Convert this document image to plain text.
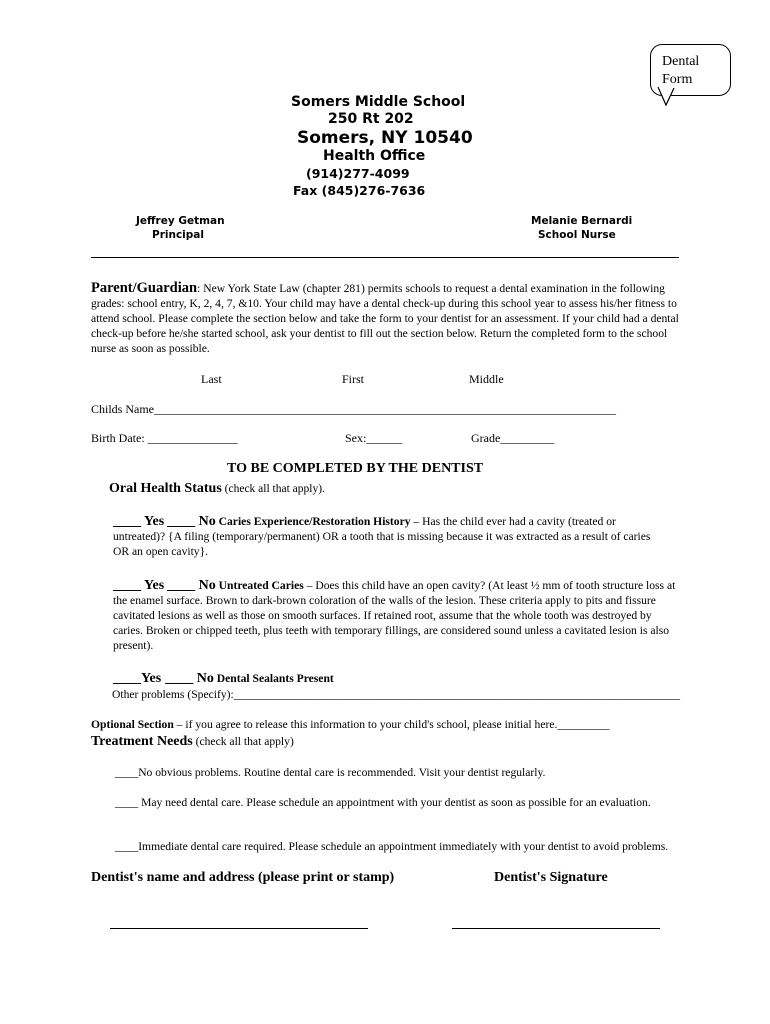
Dental Form
Somers Middle School
250 Rt 202
Somers, NY 10540
Health Office
(914)277-4099
Fax (845)276-7636
Jeffrey Getman
Principal
Melanie Bernardi
School Nurse
Parent/Guardian: New York State Law (chapter 281) permits schools to request a dental examination in the following grades: school entry, K, 2, 4, 7, &10. Your child may have a dental check-up during this school year to assess his/her fitness to attend school. Please complete the section below and take the form to your dentist for an assessment. If your child had a dental check-up before he/she started school, ask your dentist to fill out the section below. Return the completed form to the school nurse as soon as possible.
Last	First	Middle
Childs Name_____________________________________________________________________________
Birth Date: _______________	Sex:______	Grade_________
TO BE COMPLETED BY THE DENTIST
Oral Health Status (check all that apply).
____ Yes ____ No Caries Experience/Restoration History – Has the child ever had a cavity (treated or untreated)? {A filing (temporary/permanent) OR a tooth that is missing because it was extracted as a result of caries OR an open cavity}.
____ Yes ____ No Untreated Caries – Does this child have an open cavity? (At least ½ mm of tooth structure loss at the enamel surface. Brown to dark-brown coloration of the walls of the lesion. These criteria apply to pits and fissure cavitated lesions as well as those on smooth surfaces. If retained root, assume that the whole tooth was destroyed by caries. Broken or chipped teeth, plus teeth with temporary fillings, are considered sound unless a cavitated lesion is also present).
____Yes ____ No Dental Sealants Present
Other problems (Specify):_____________________________________________________________________________
Optional Section – if you agree to release this information to your child's school, please initial here._________
Treatment Needs (check all that apply)
____No obvious problems. Routine dental care is recommended. Visit your dentist regularly.
____ May need dental care. Please schedule an appointment with your dentist as soon as possible for an evaluation.
____Immediate dental care required. Please schedule an appointment immediately with your dentist to avoid problems.
Dentist's name and address (please print or stamp)	Dentist's Signature
